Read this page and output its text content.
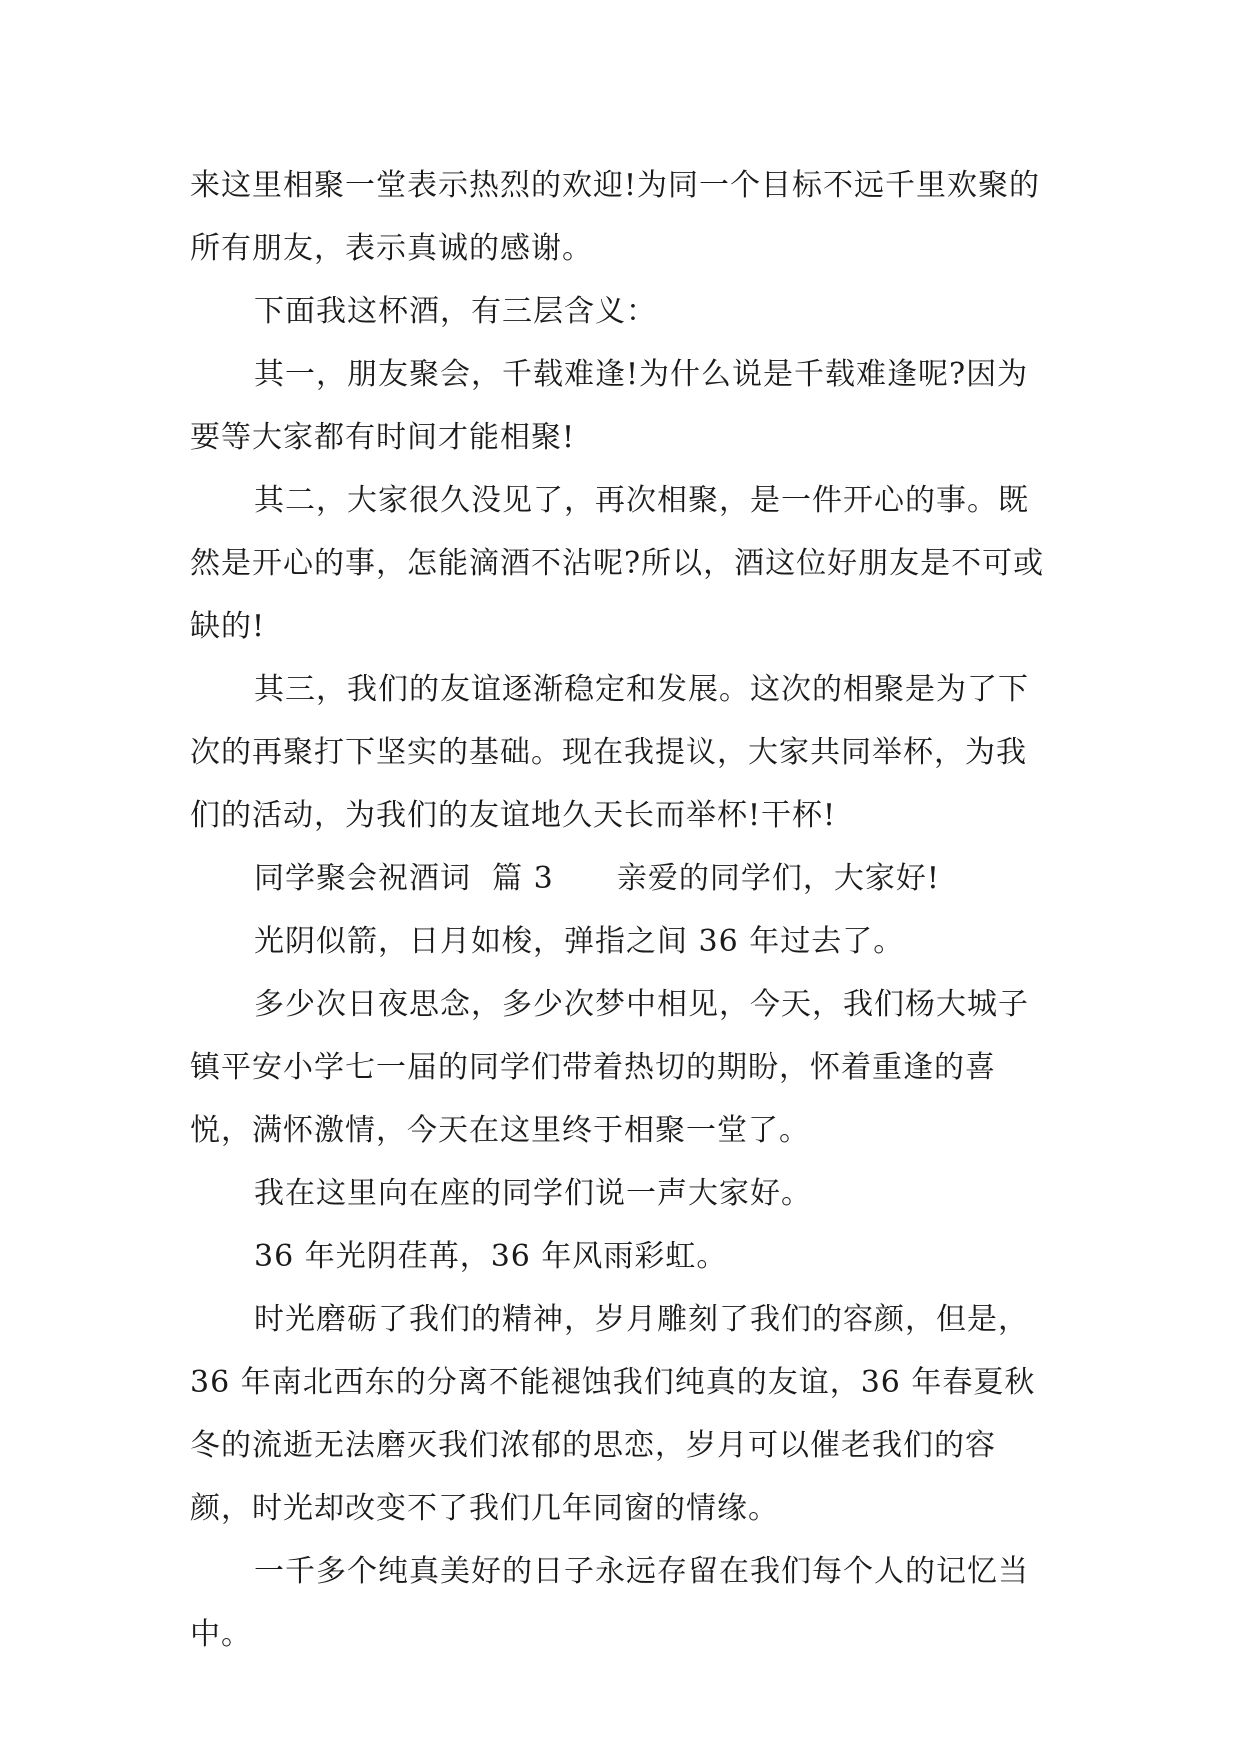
来这里相聚一堂表示热烈的欢迎!为同一个目标不远千里欢聚的所有朋友，表示真诚的感谢。

下面我这杯酒，有三层含义：

其一，朋友聚会，千载难逢!为什么说是千载难逢呢?因为要等大家都有时间才能相聚!

其二，大家很久没见了，再次相聚，是一件开心的事。既然是开心的事，怎能滴酒不沾呢?所以，酒这位好朋友是不可或缺的!

其三，我们的友谊逐渐稳定和发展。这次的相聚是为了下次的再聚打下坚实的基础。现在我提议，大家共同举杯，为我们的活动，为我们的友谊地久天长而举杯!干杯!

同学聚会祝酒词  篇 3      亲爱的同学们，大家好!

光阴似箭，日月如梭，弹指之间 36 年过去了。

多少次日夜思念，多少次梦中相见，今天，我们杨大城子镇平安小学七一届的同学们带着热切的期盼，怀着重逢的喜悦，满怀激情，今天在这里终于相聚一堂了。

我在这里向在座的同学们说一声大家好。

36 年光阴荏苒，36 年风雨彩虹。

时光磨砺了我们的精神，岁月雕刻了我们的容颜，但是，36 年南北西东的分离不能褪蚀我们纯真的友谊，36 年春夏秋冬的流逝无法磨灭我们浓郁的思恋，岁月可以催老我们的容颜，时光却改变不了我们几年同窗的情缘。

一千多个纯真美好的日子永远存留在我们每个人的记忆当中。
